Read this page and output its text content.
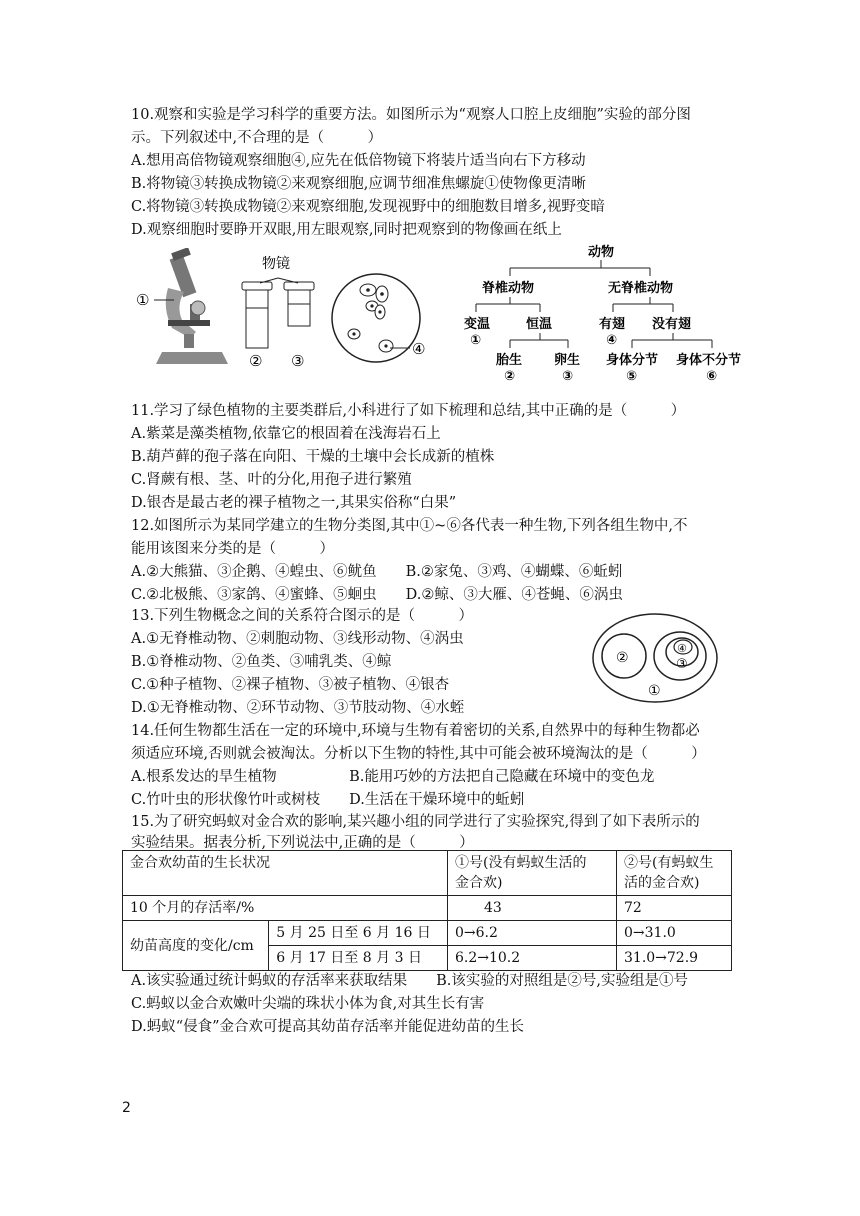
10.观察和实验是学习科学的重要方法。如图所示为“观察人口腔上皮细胞”实验的部分图
示。下列叙述中,不合理的是（　　　）
A.想用高倍物镜观察细胞④,应先在低倍物镜下将装片适当向右下方移动
B.将物镜③转换成物镜②来观察细胞,应调节细准焦螺旋①使物像更清晰
C.将物镜③转换成物镜②来观察细胞,发现视野中的细胞数目增多,视野变暗
D.观察细胞时要睁开双眼,用左眼观察,同时把观察到的物像画在纸上
①
物镜
② ③
④
动物
脊椎动物	无脊椎动物
变温
①
恒温	有翅
④
没有翅
胎生
②
卵生
③
身体分节
⑤
身体不分节
⑥
11.学习了绿色植物的主要类群后,小科进行了如下梳理和总结,其中正确的是（　　　）
A.紫菜是藻类植物,依靠它的根固着在浅海岩石上
B.葫芦藓的孢子落在向阳、干燥的土壤中会长成新的植株
C.肾蕨有根、茎、叶的分化,用孢子进行繁殖
D.银杏是最古老的裸子植物之一,其果实俗称“白果”
12.如图所示为某同学建立的生物分类图,其中①~⑥各代表一种生物,下列各组生物中,不
能用该图来分类的是（　　　）
A.②大熊猫、③企鹅、④蝗虫、⑥鱿鱼　　B.②家兔、③鸡、④蝴蝶、⑥蚯蚓
C.②北极熊、③家鸽、④蜜蜂、⑤蛔虫　　D.②鲸、③大雁、④苍蝇、⑥涡虫
13.下列生物概念之间的关系符合图示的是（　　　）
A.①无脊椎动物、②刺胞动物、③线形动物、④涡虫
B.①脊椎动物、②鱼类、③哺乳类、④鲸
C.①种子植物、②裸子植物、③被子植物、④银杏
D.①无脊椎动物、②环节动物、③节肢动物、④水蛭
②
④
③
①
14.任何生物都生活在一定的环境中,环境与生物有着密切的关系,自然界中的每种生物都必
须适应环境,否则就会被淘汰。分析以下生物的特性,其中可能会被环境淘汰的是（　　　）
A.根系发达的旱生植物　　　　　B.能用巧妙的方法把自己隐藏在环境中的变色龙
C.竹叶虫的形状像竹叶或树枝　　D.生活在干燥环境中的蚯蚓
15.为了研究蚂蚁对金合欢的影响,某兴趣小组的同学进行了实验探究,得到了如下表所示的
实验结果。据表分析,下列说法中,正确的是（　　　）
金合欢幼苗的生长状况		①号(没有蚂蚁生活的
金合欢)	②号(有蚂蚁生
活的金合欢)
10 个月的存活率/%		43	72
幼苗高度的变化/cm	5 月 25 日至 6 月 16 日	0→6.2	0→31.0
	6 月 17 日至 8 月 3 日	6.2→10.2	31.0→72.9
A.该实验通过统计蚂蚁的存活率来获取结果　　B.该实验的对照组是②号,实验组是①号
C.蚂蚁以金合欢嫩叶尖端的珠状小体为食,对其生长有害
D.蚂蚁“侵食”金合欢可提高其幼苗存活率并能促进幼苗的生长
2
